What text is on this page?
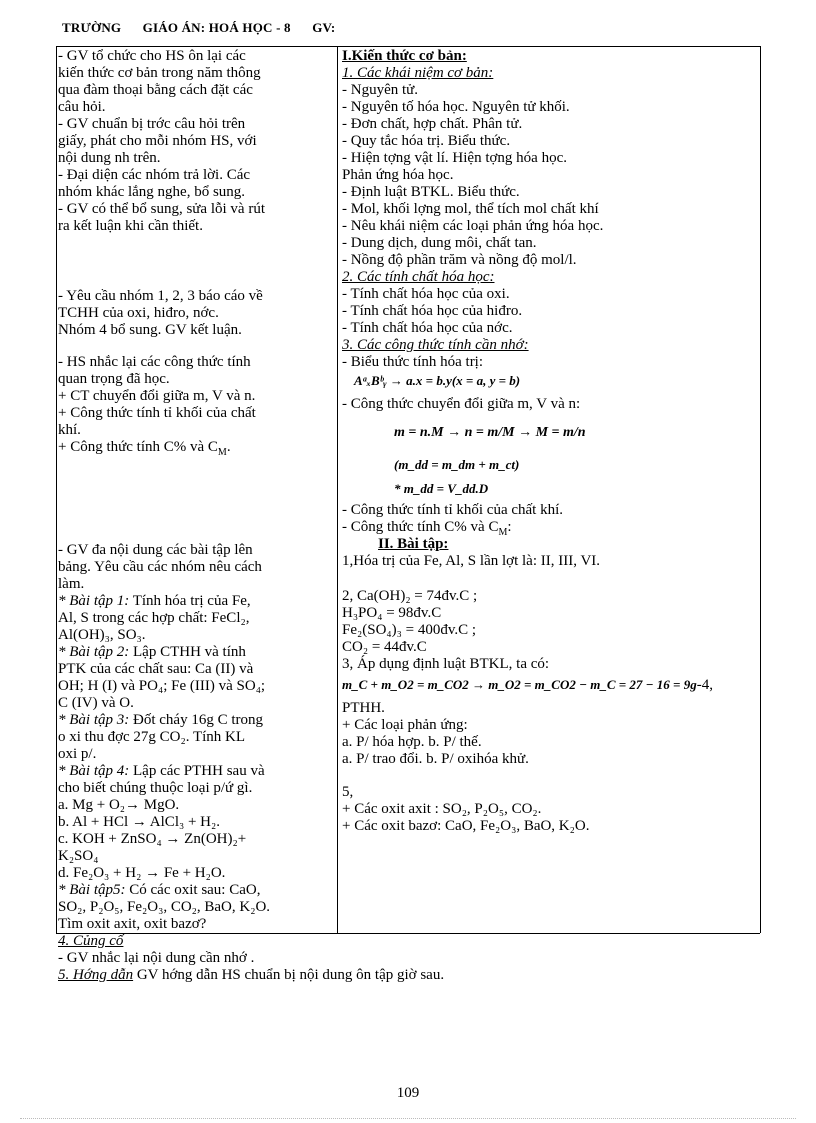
TRƯỜNG GIÁO ÁN: HOÁ HỌC - 8 GV:
- GV tổ chức cho HS ôn lại các
kiến thức cơ bản trong năm thông
qua đàm thoại bằng cách đặt các
câu hỏi.
- GV chuẩn bị trớc câu hỏi trên
giấy, phát cho mỗi nhóm HS, với
nội dung nh trên.
- Đại diện các nhóm trả lời. Các
nhóm khác lắng nghe, bổ sung.
- GV có thể bổ sung, sửa lỗi và rút
ra kết luận khi cần thiết.
- Yêu cầu nhóm 1, 2, 3 báo cáo về
TCHH của oxi, hiđro, nớc.
Nhóm 4 bổ sung. GV kết luận.
- HS nhắc lại các công thức tính
quan trọng đã học.
+ CT chuyển đổi giữa m, V và n.
+ Công thức tính tỉ khối của chất
khí.
+ Công thức tính C% và $C_M$.
- GV đa nội dung các bài tập lên
bảng. Yêu cầu các nhóm nêu cách
làm.
* Bài tập 1: Tính hóa trị của Fe,
Al, S trong các hợp chất: FeCl₂,
Al(OH)₃, SO₃.
* Bài tập 2: Lập CTHH và tính
PTK của các chất sau: Ca (II) và
OH; H (I) và PO₄; Fe (III) và SO₄;
C (IV) và O.
* Bài tập 3: Đốt cháy 16g C trong
o xi thu đợc 27g CO₂. Tính KL
oxi p/.
* Bài tập 4: Lập các PTHH sau và
cho biết chúng thuộc loại p/ứ gì.
a. Mg + O₂→ MgO.
b. Al + HCl → AlCl₃ + H₂.
c. KOH + ZnSO₄ → Zn(OH)₂+
K₂SO₄
d. Fe₂O₃ + H₂ → Fe + H₂O.
* Bài tập5: Có các oxit sau: CaO,
SO₂, P₂O₅, Fe₂O₃, CO₂, BaO, K₂O.
Tìm oxit axit, oxit bazơ?
I.Kiến thức cơ bản:
1. Các khái niệm cơ bản:
- Nguyên tử.
- Nguyên tố hóa học. Nguyên tử khối.
- Đơn chất, hợp chất. Phân tử.
- Quy tắc hóa trị. Biểu thức.
- Hiện tợng vật lí. Hiện tợng hóa học.
Phản ứng hóa học.
- Định luật BTKL. Biểu thức.
- Mol, khối lợng mol, thể tích mol chất khí
- Nêu khái niệm các loại phản ứng hóa học.
- Dung dịch, dung môi, chất tan.
- Nồng độ phần trăm và nồng độ mol/l.
2. Các tính chất hóa học:
- Tính chất hóa học của oxi.
- Tính chất hóa học của hiđro.
- Tính chất hóa học của nớc.
3. Các công thức tính cần nhớ:
- Biểu thức tính hóa trị:
AᵃₓBᵇᵧ → a.x = b.y(x = a, y = b)
- Công thức chuyển đổi giữa m, V và n:
m = n.M → n = m/M → M = m/n
(m_dd = m_dm + m_ct)
* m_dd = V_dd.D
- Công thức tính tỉ khối của chất khí.
- Công thức tính C% và $C_M$:
II. Bài tập:
1,Hóa trị của Fe, Al, S lần lợt là: II, III, VI.
2, Ca(OH)₂ = 74đv.C ;
H₃PO₄ = 98đv.C
Fe₂(SO₄)₃ = 400đv.C ;
CO₂ = 44đv.C
3, Áp dụng định luật BTKL, ta có:
m_C + m_O2 = m_CO2 → m_O2 = m_CO2 − m_C = 27 − 16 = 9g-4,
PTHH.
+ Các loại phản ứng:
a. P/ hóa hợp. b. P/ thế.
a. P/ trao đổi. b. P/ oxihóa khử.
5,
+ Các oxit axit : SO₂, P₂O₅, CO₂.
+ Các oxit bazơ: CaO, Fe₂O₃, BaO, K₂O.
4. Củng cố
- GV nhắc lại nội dung cần nhớ .
5. Hớng dẫn GV hớng dẫn HS chuẩn bị nội dung ôn tập giờ sau.
109
